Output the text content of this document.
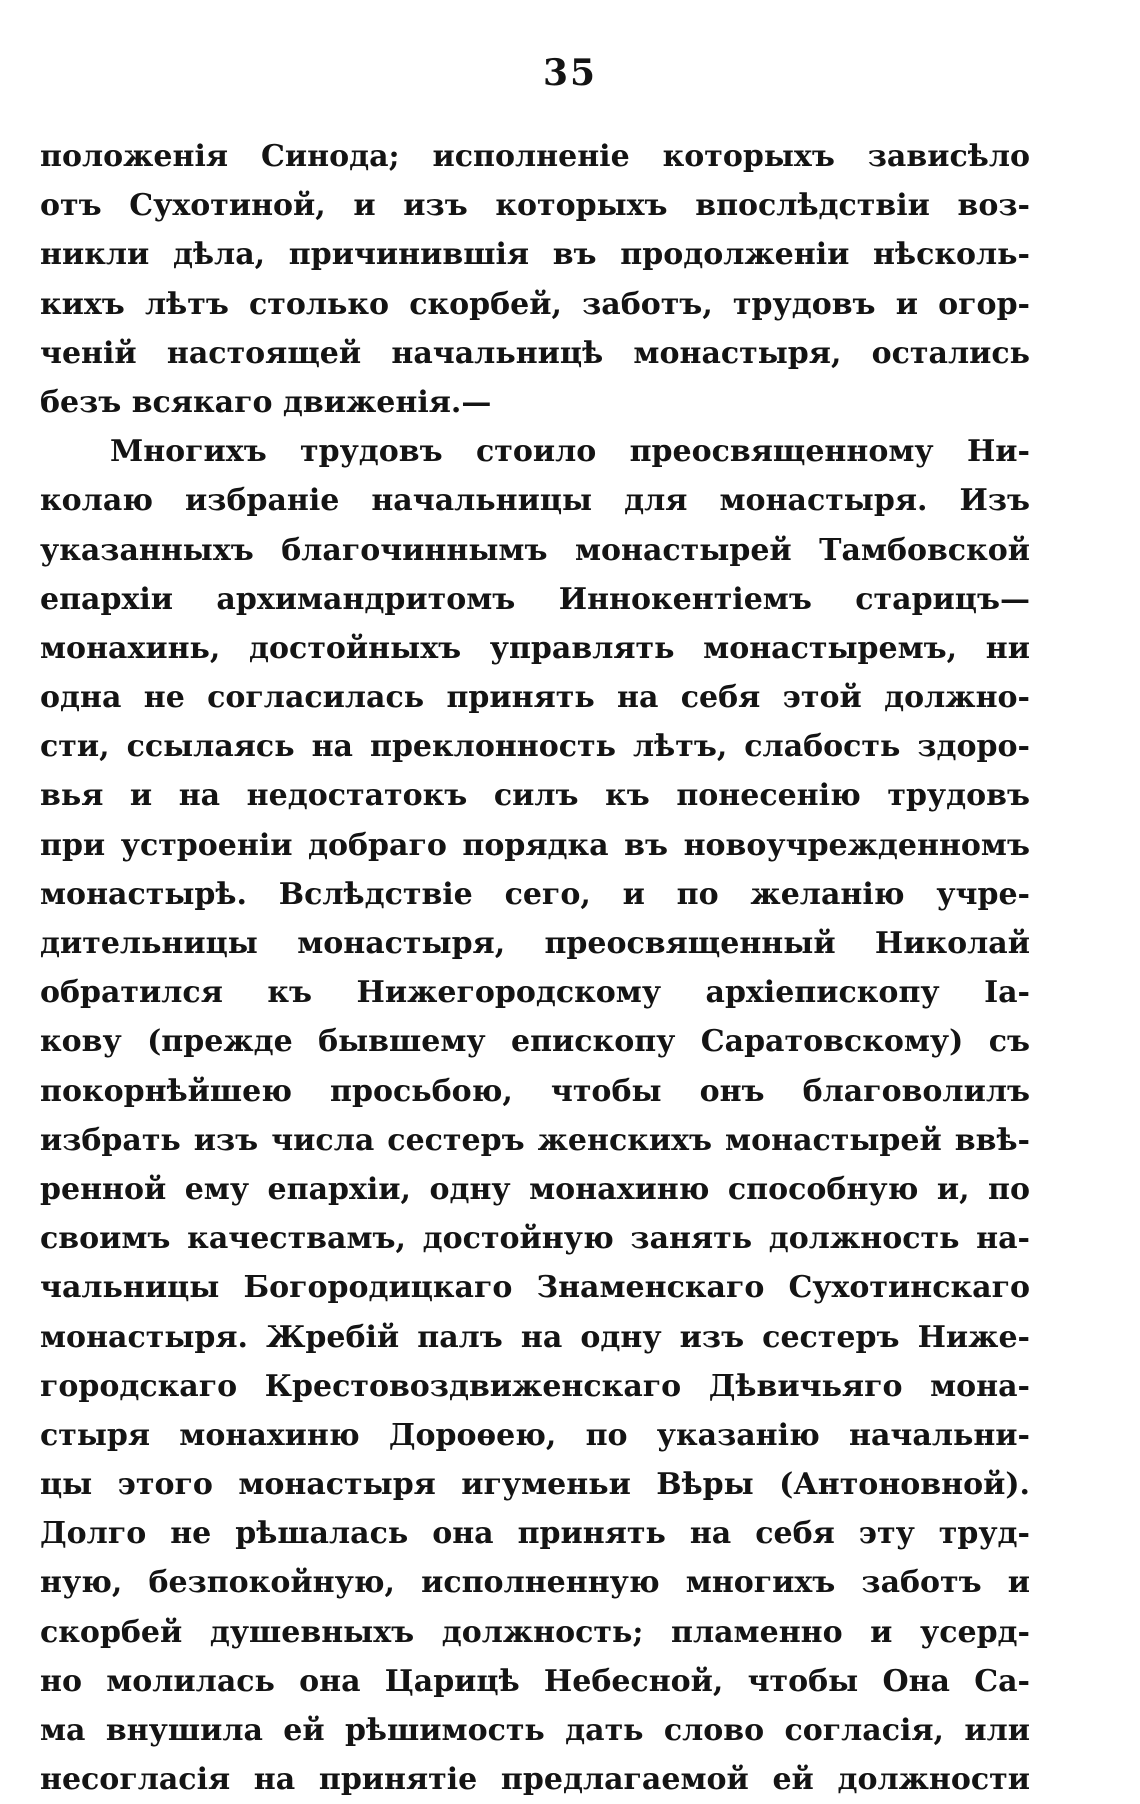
35
положенія Синода; исполненіе которыхъ зависѣло
отъ Сухотиной, и изъ которыхъ впослѣдствіи воз-
никли дѣла, причинившія въ продолженіи нѣсколь-
кихъ лѣтъ столько скорбей, заботъ, трудовъ и огор-
ченій настоящей начальницѣ монастыря, остались
безъ всякаго движенія.—
Многихъ трудовъ стоило преосвященному Ни-
колаю избраніе начальницы для монастыря. Изъ
указанныхъ благочиннымъ монастырей Тамбовской
епархіи архимандритомъ Иннокентіемъ старицъ—
монахинь, достойныхъ управлять монастыремъ, ни
одна не согласилась принять на себя этой должно-
сти, ссылаясь на преклонность лѣтъ, слабость здоро-
вья и на недостатокъ силъ къ понесенію трудовъ
при устроеніи добраго порядка въ новоучрежденномъ
монастырѣ. Вслѣдствіе сего, и по желанію учре-
дительницы монастыря, преосвященный Николай
обратился къ Нижегородскому архіепископу Іа-
кову (прежде бывшему епископу Саратовскому) съ
покорнѣйшею просьбою, чтобы онъ благоволилъ
избрать изъ числа сестеръ женскихъ монастырей ввѣ-
ренной ему епархіи, одну монахиню способную и, по
своимъ качествамъ, достойную занять должность на-
чальницы Богородицкаго Знаменскаго Сухотинскаго
монастыря. Жребій палъ на одну изъ сестеръ Ниже-
городскаго Крестовоздвиженскаго Дѣвичьяго мона-
стыря монахиню Дороѳею, по указанію начальни-
цы этого монастыря игуменьи Вѣры (Антоновной).
Долго не рѣшалась она принять на себя эту труд-
ную, безпокойную, исполненную многихъ заботъ и
скорбей душевныхъ должность; пламенно и усерд-
но молилась она Царицѣ Небесной, чтобы Она Са-
ма внушила ей рѣшимость дать слово согласія, или
несогласія на принятіе предлагаемой ей должности
